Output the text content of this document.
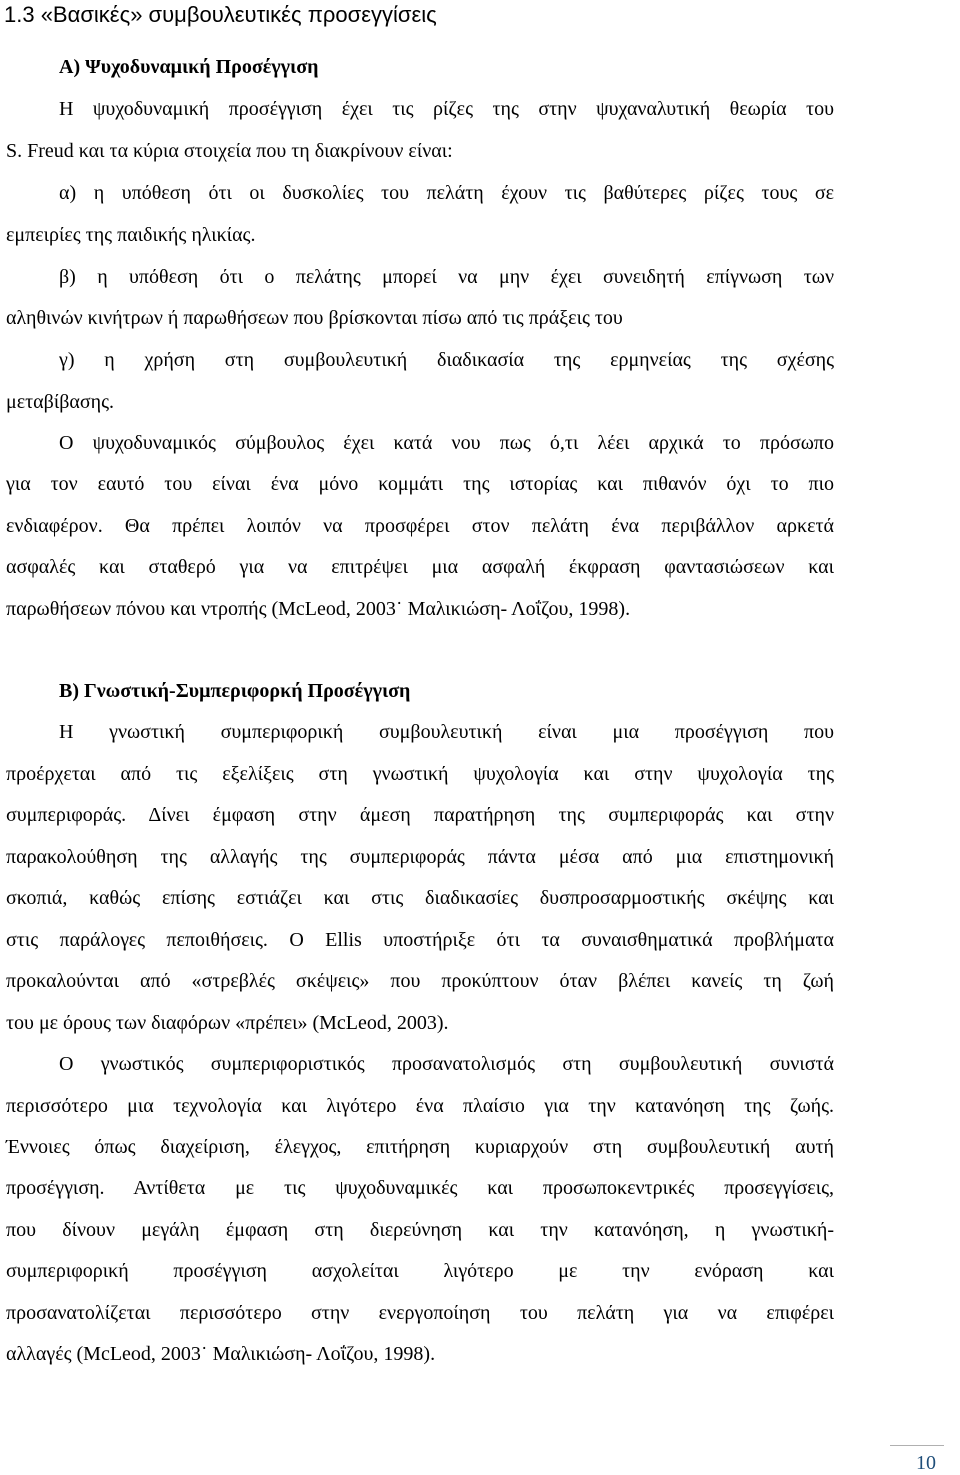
1.3 «Βασικές» συμβουλευτικές προσεγγίσεις
Α) Ψυχοδυναμική Προσέγγιση
Η ψυχοδυναμική προσέγγιση έχει τις ρίζες της στην ψυχαναλυτική θεωρία του
S. Freud και τα κύρια στοιχεία που τη διακρίνουν είναι:
α) η υπόθεση ότι οι δυσκολίες του πελάτη έχουν τις βαθύτερες ρίζες τους σε
εμπειρίες της παιδικής ηλικίας.
β) η υπόθεση ότι ο πελάτης μπορεί να μην έχει συνειδητή επίγνωση των
αληθινών κινήτρων ή παρωθήσεων που βρίσκονται πίσω από τις πράξεις του
γ) η χρήση στη συμβουλευτική διαδικασία της ερμηνείας της σχέσης
μεταβίβασης.
Ο ψυχοδυναμικός σύμβουλος έχει κατά νου πως ό,τι λέει αρχικά το πρόσωπο
για τον εαυτό του είναι ένα μόνο κομμάτι της ιστορίας και πιθανόν όχι το πιο
ενδιαφέρον. Θα πρέπει λοιπόν να προσφέρει στον πελάτη ένα περιβάλλον αρκετά
ασφαλές και σταθερό για να επιτρέψει μια ασφαλή έκφραση φαντασιώσεων και
παρωθήσεων πόνου και ντροπής (McLeod, 2003˙ Μαλικιώση- Λοΐζου, 1998).
Β) Γνωστική-Συμπεριφορκή Προσέγγιση
Η γνωστική συμπεριφορική συμβουλευτική είναι μια προσέγγιση που
προέρχεται από τις εξελίξεις στη γνωστική ψυχολογία και στην ψυχολογία της
συμπεριφοράς. Δίνει έμφαση στην άμεση παρατήρηση της συμπεριφοράς και στην
παρακολούθηση της αλλαγής της συμπεριφοράς πάντα μέσα από μια επιστημονική
σκοπιά, καθώς επίσης εστιάζει και στις διαδικασίες δυσπροσαρμοστικής σκέψης και
στις παράλογες πεποιθήσεις. Ο Ellis υποστήριξε ότι τα συναισθηματικά προβλήματα
προκαλούνται από «στρεβλές σκέψεις» που προκύπτουν όταν βλέπει κανείς τη ζωή
του με όρους των διαφόρων «πρέπει» (McLeod, 2003).
Ο γνωστικός συμπεριφοριστικός προσανατολισμός στη συμβουλευτική συνιστά
περισσότερο μια τεχνολογία και λιγότερο ένα πλαίσιο για την κατανόηση της ζωής.
Έννοιες όπως διαχείριση, έλεγχος, επιτήρηση κυριαρχούν στη συμβουλευτική αυτή
προσέγγιση. Αντίθετα με τις ψυχοδυναμικές και προσωποκεντρικές προσεγγίσεις,
που δίνουν μεγάλη έμφαση στη διερεύνηση και την κατανόηση, η γνωστική-
συμπεριφορική προσέγγιση ασχολείται λιγότερο με την ενόραση και
προσανατολίζεται περισσότερο στην ενεργοποίηση του πελάτη για να επιφέρει
αλλαγές (McLeod, 2003˙ Μαλικιώση- Λοΐζου, 1998).
10
